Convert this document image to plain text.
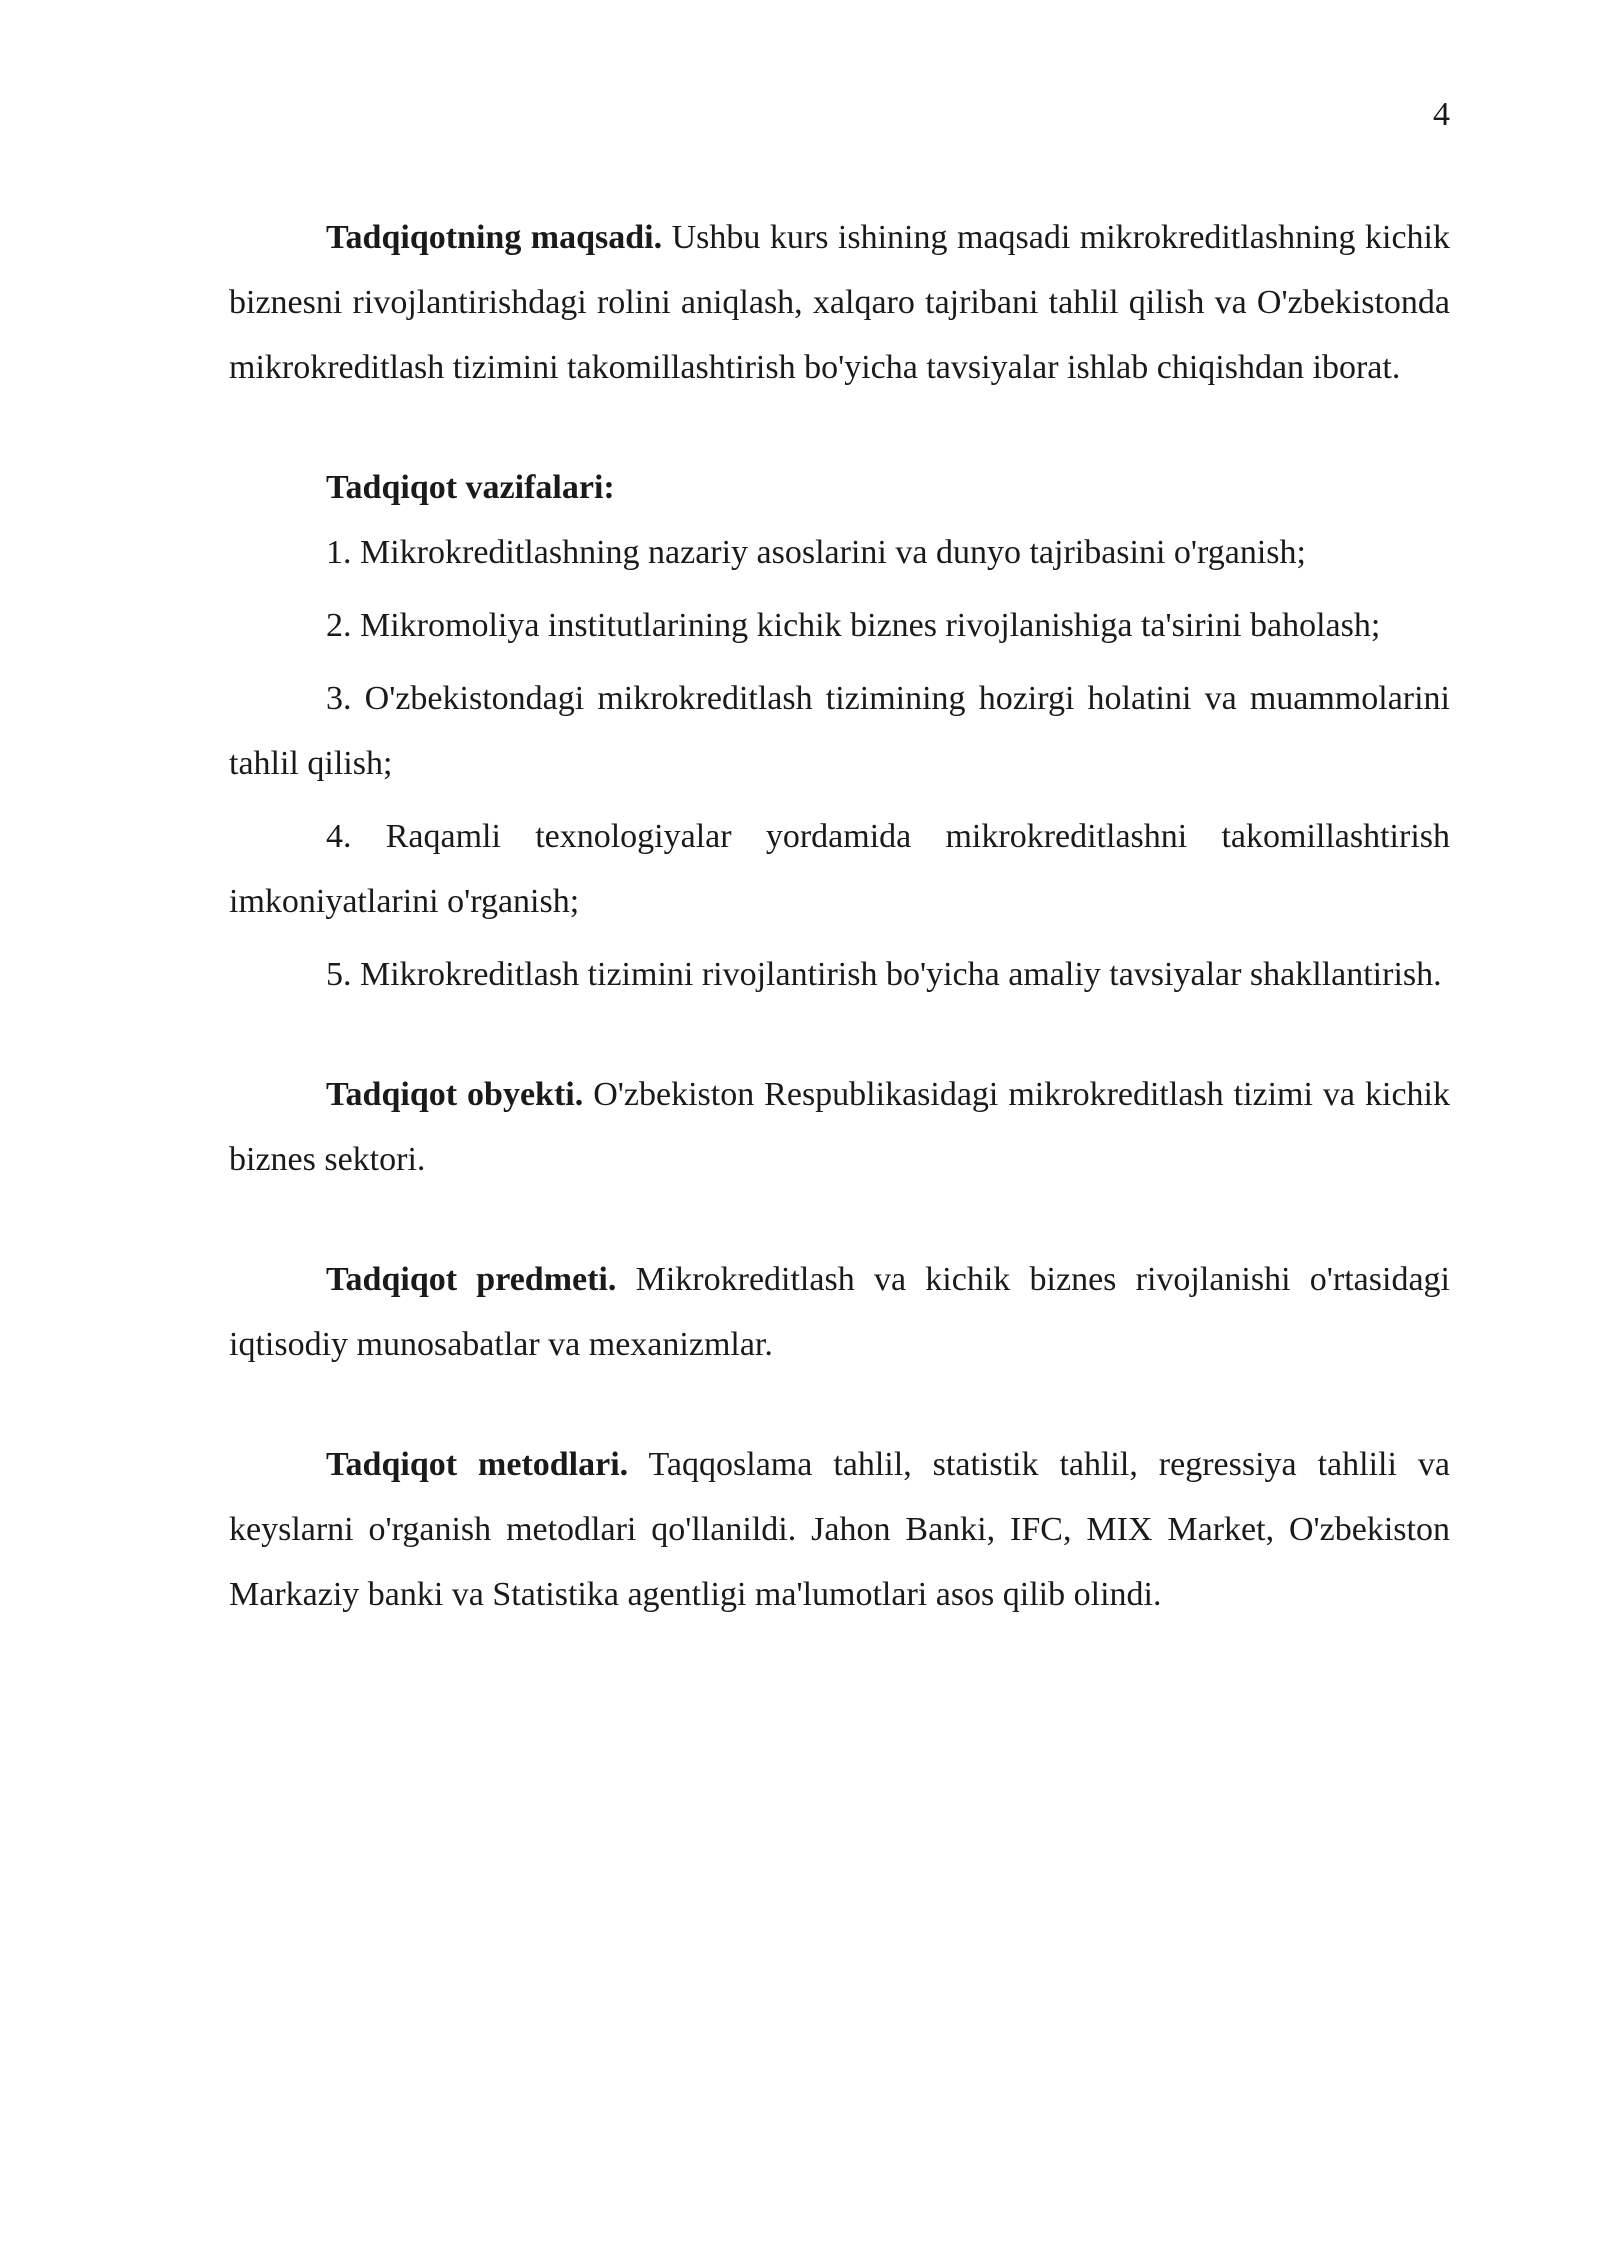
4

Tadqiqotning maqsadi. Ushbu kurs ishining maqsadi mikrokreditlashning kichik biznesni rivojlantirishdagi rolini aniqlash, xalqaro tajribani tahlil qilish va O'zbekistonda mikrokreditlash tizimini takomillashtirish bo'yicha tavsiyalar ishlab chiqishdan iborat.

Tadqiqot vazifalari:

1. Mikrokreditlashning nazariy asoslarini va dunyo tajribasini o'rganish;

2. Mikromoliya institutlarining kichik biznes rivojlanishiga ta'sirini baholash;

3. O'zbekistondagi mikrokreditlash tizimining hozirgi holatini va muammolarini tahlil qilish;

4. Raqamli texnologiyalar yordamida mikrokreditlashni takomillashtirish imkoniyatlarini o'rganish;

5. Mikrokreditlash tizimini rivojlantirish bo'yicha amaliy tavsiyalar shakllantirish.

Tadqiqot obyekti. O'zbekiston Respublikasidagi mikrokreditlash tizimi va kichik biznes sektori.

Tadqiqot predmeti. Mikrokreditlash va kichik biznes rivojlanishi o'rtasidagi iqtisodiy munosabatlar va mexanizmlar.

Tadqiqot metodlari. Taqqoslama tahlil, statistik tahlil, regressiya tahlili va keyslarni o'rganish metodlari qo'llanildi. Jahon Banki, IFC, MIX Market, O'zbekiston Markaziy banki va Statistika agentligi ma'lumotlari asos qilib olindi.
